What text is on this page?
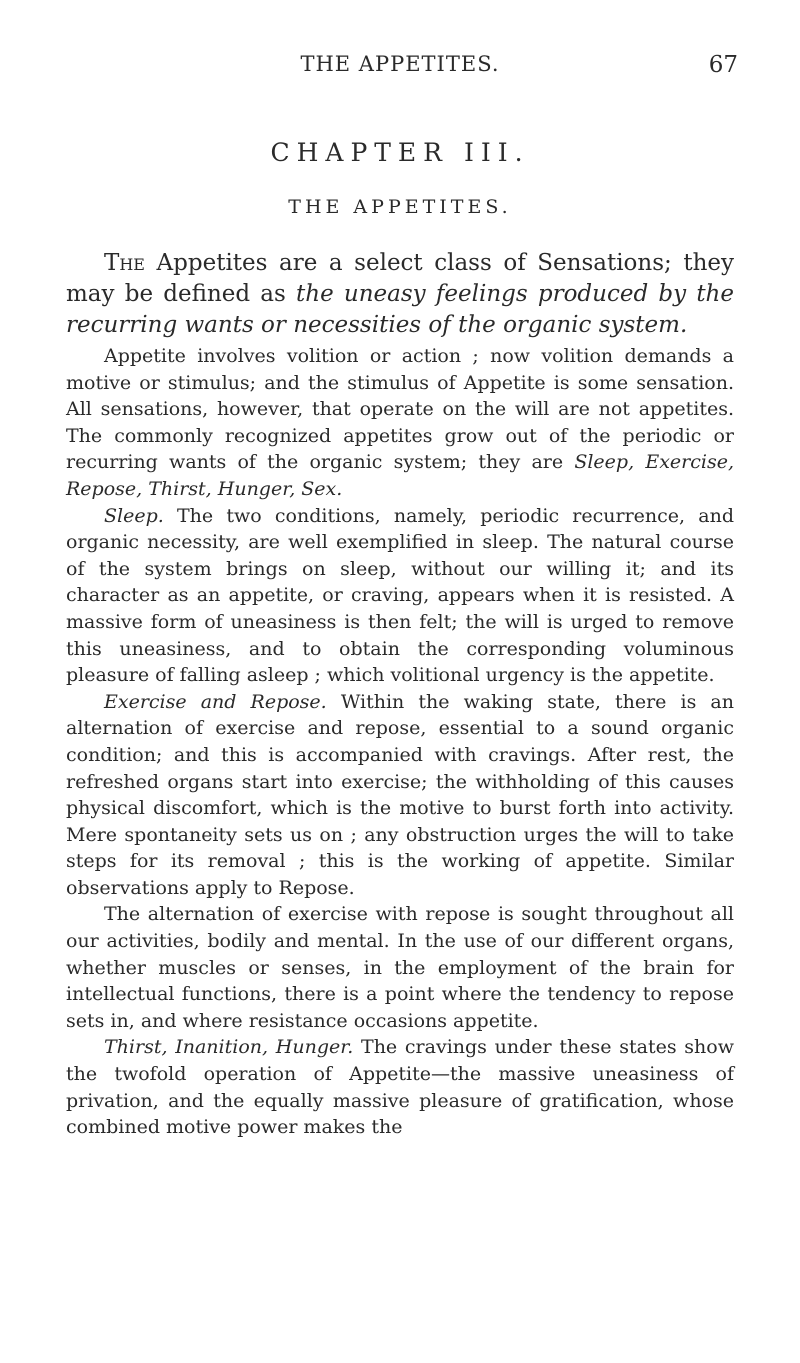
THE APPETITES.	67
CHAPTER III.
THE APPETITES.

The Appetites are a select class of Sensations; they may be defined as the uneasy feelings produced by the recurring wants or necessities of the organic system.

Appetite involves volition or action ; now volition demands a motive or stimulus; and the stimulus of Appetite is some sensation. All sensations, however, that operate on the will are not appetites. The commonly recognized appetites grow out of the periodic or recurring wants of the organic system; they are Sleep, Exercise, Repose, Thirst, Hunger, Sex.

Sleep. The two conditions, namely, periodic recurrence, and organic necessity, are well exemplified in sleep. The natural course of the system brings on sleep, without our willing it; and its character as an appetite, or craving, appears when it is resisted. A massive form of uneasiness is then felt; the will is urged to remove this uneasiness, and to obtain the corresponding voluminous pleasure of falling asleep ; which volitional urgency is the appetite.

Exercise and Repose. Within the waking state, there is an alternation of exercise and repose, essential to a sound organic condition; and this is accompanied with cravings. After rest, the refreshed organs start into exercise; the withholding of this causes physical discomfort, which is the motive to burst forth into activity. Mere spontaneity sets us on ; any obstruction urges the will to take steps for its removal ; this is the working of appetite. Similar observations apply to Repose.

The alternation of exercise with repose is sought throughout all our activities, bodily and mental. In the use of our different organs, whether muscles or senses, in the employment of the brain for intellectual functions, there is a point where the tendency to repose sets in, and where resistance occasions appetite.

Thirst, Inanition, Hunger. The cravings under these states show the twofold operation of Appetite—the massive uneasiness of privation, and the equally massive pleasure of gratification, whose combined motive power makes the
